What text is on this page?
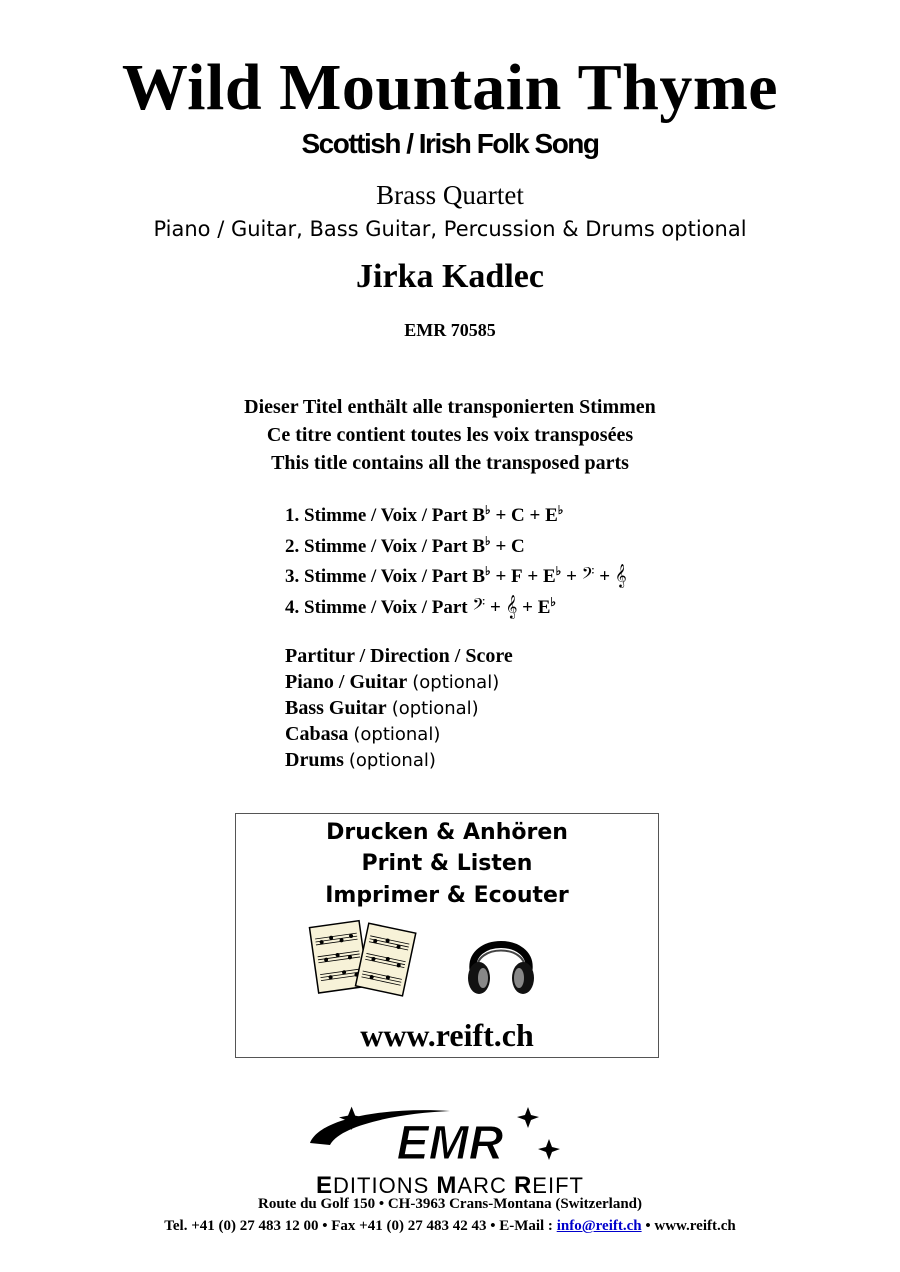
Wild Mountain Thyme
Scottish / Irish Folk Song
Brass Quartet
Piano / Guitar, Bass Guitar, Percussion & Drums optional
Jirka Kadlec
EMR 70585
Dieser Titel enthält alle transponierten Stimmen
Ce titre contient toutes les voix transposées
This title contains all the transposed parts
1. Stimme / Voix / Part B♭ + C + E♭
2. Stimme / Voix / Part B♭ + C
3. Stimme / Voix / Part B♭ + F + E♭ + 𝄢 + 𝄞
4. Stimme / Voix / Part 𝄢 + 𝄞 + E♭
Partitur / Direction / Score
Piano / Guitar (optional)
Bass Guitar (optional)
Cabasa (optional)
Drums (optional)
Drucken & Anhören
Print & Listen
Imprimer & Ecouter
www.reift.ch
EMR
EDITIONS MARC REIFT
Route du Golf 150 • CH-3963 Crans-Montana (Switzerland)
Tel. +41 (0) 27 483 12 00 • Fax +41 (0) 27 483 42 43 • E-Mail : info@reift.ch • www.reift.ch
